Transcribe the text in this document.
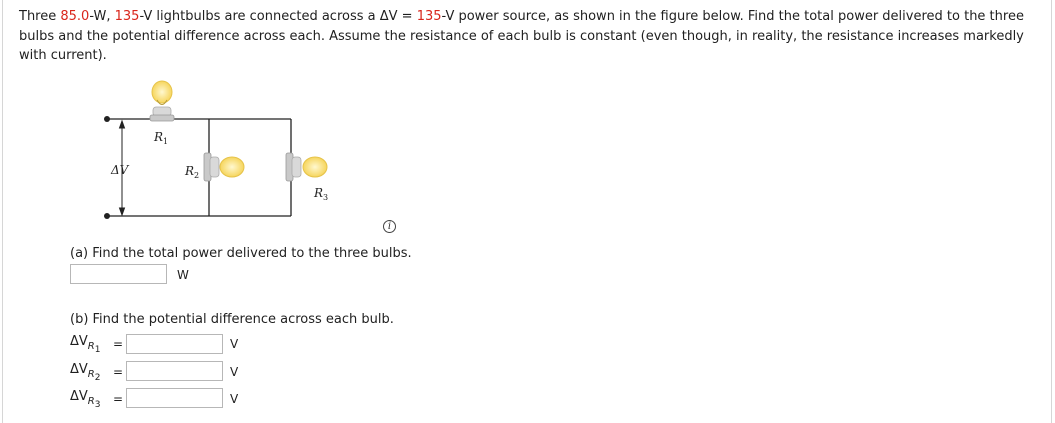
Three 85.0-W, 135-V lightbulbs are connected across a ΔV = 135-V power source, as shown in the figure below. Find the total power delivered to the three bulbs and the potential difference across each. Assume the resistance of each bulb is constant (even though, in reality, the resistance increases markedly with current).

ΔV
$R_1$
$R_2$
$R_3$
i

(a) Find the total power delivered to the three bulbs.

W

(b) Find the potential difference across each bulb.

$\Delta V_{R_1}$ =	V
$\Delta V_{R_2}$ =	V
$\Delta V_{R_3}$ =	V
